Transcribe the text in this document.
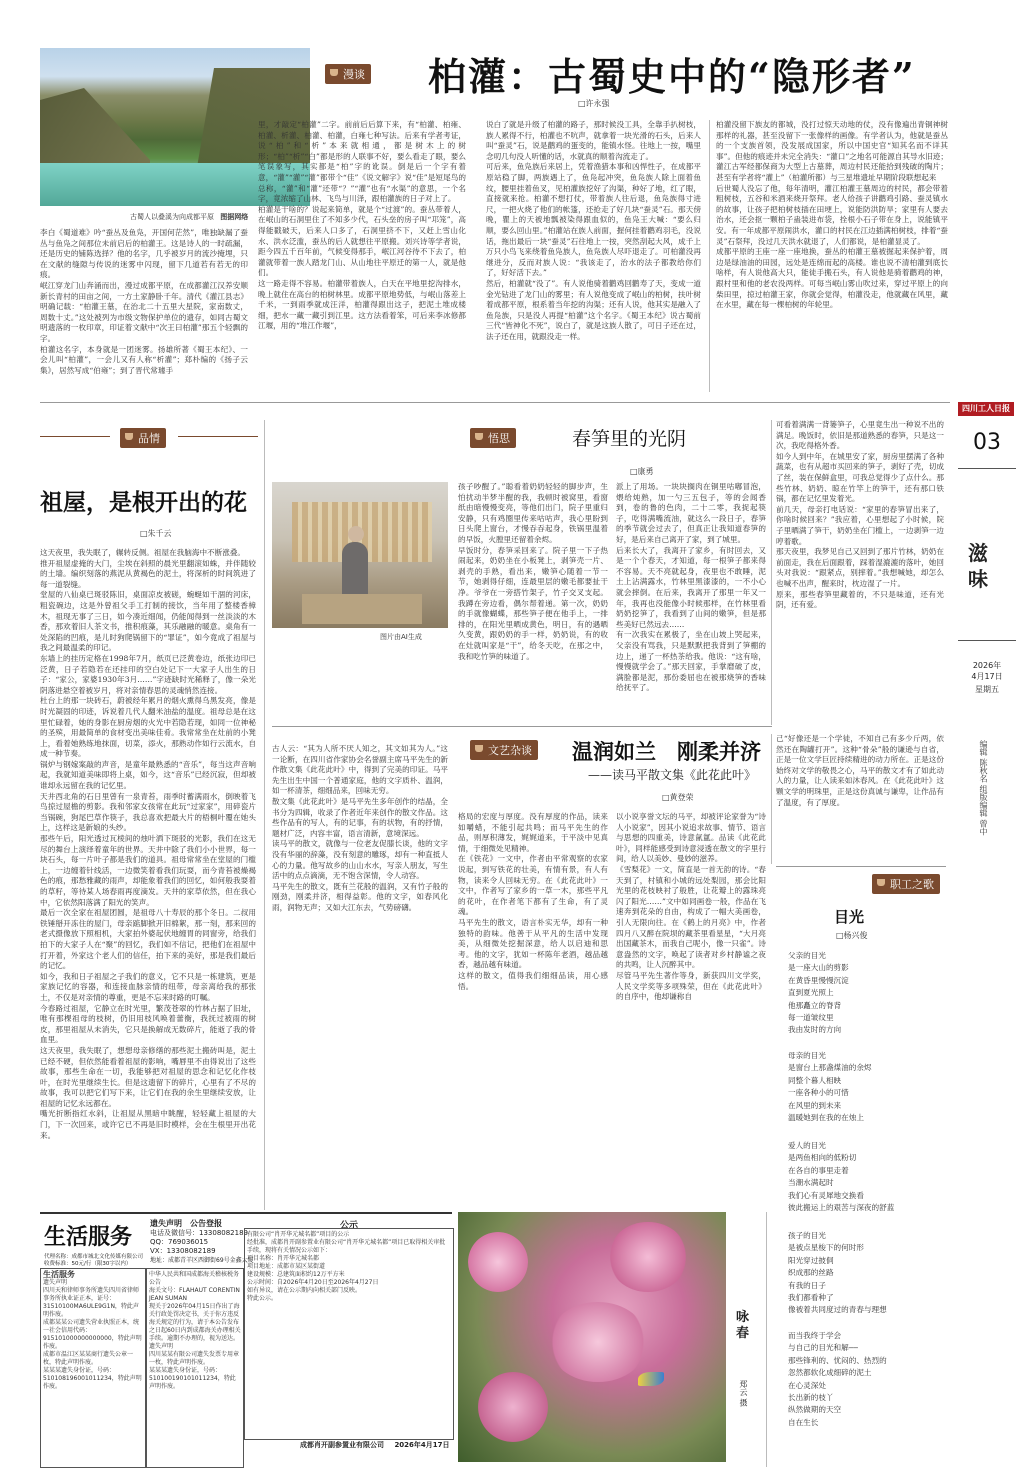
古蜀人以叠溪为向成都平原 图据网络
漫谈 柏灌：古蜀史中的“隐形者”
□许永强
李白《蜀道难》吟“蚕丛及鱼凫，开国何茫然”，唯独缺漏了蚕丛与鱼凫之间那位未前启后的柏灌王。这是诗人的一时疏漏，还是历史的铺陈选择？他的名字，几乎被岁月的流沙掩埋，只在文献的缝隙与传说的迷雾中闪现，留下几道若有若无的印痕。
岷江穿龙门山奔涌而出，漫过成都平原，在成都灌江汉养安顺新长青村的田亩之间，一方土家静卧千年。清代《灌江县志》明确记载：“柏灌王墓，在治北二十五里大星院，家南数丈，周数十丈。”这处被列为市级文物保护单位的遗存，如同古蜀文明遗落的一枚印章，印证着文献中“次王曰柏灌”那五个轻飘的字。
柏灌这名字，本身就是一团迷雾。扬雄所著《蜀王本纪》、一会儿叫“柏灌”，一会儿又有人称“析灌”；郑朴编的《扬子云集》，居然写成“伯雍”；到了晋代常璩手
里，才敲定“柏灌”二字。前前后后算下来，有“柏灌、柏雍、柏灌、析灌、柏灌、柏灌，白雍七种写法。后来有学者考证，说“柏”和“析”本来就相通，都是树木上的树形；“柏”“析”“白”都是形的人联事不好，要么看走了眼，要么笔误象写，其实都是“柏”字的讹误。倒是后一个字有着意，“灌”“灌”“灌”都带个“佳”《说文解字》说“佳”是短尾鸟的总称，“灌”和“灌”还带“？”“灌”也有“水渠”的意思，一个名字，竟浓缩了山林、飞鸟与川泽，跟柏灌族的日子对上了。
柏灌是干啥的？说起来简单，就是个“过渡”的。蚕丛带着人，在岷山的石洞里住了不知多少代，石头垒的房子叫“邛笼”，高得能戳破天，后来人口多了，石洞里挤不下，又赶上雪山化水、洪水泛滥，蚕丛的后人就想往平原搬。刘兴诗等学者说，距今四五千百年前，气候变得那手，岷江河谷待不下去了，柏灌就带着一族人踏龙门山、从山地往平原迁的第一人，就是他们。
这一路走得不容易。柏灌带着族人，白天在平地里挖沟排水，晚上就住在高台的柏树林里。成都平原地势低，与岷山落差上千米，一到雨季就成汪洋，柏灌得跟出这子，把泥土堆成楼细，把水一藏一藏引到江里。这方法看着笨，可后来李冰修都江堰，用的“堆江作堰”，
说白了就是升级了柏灌的路子，那时候没工具，全靠手扒树枝，族人累得不行，柏灌也不吭声，就拿着一块光滑的石头，后来人叫“蚕灵”石，说是鹳鸡的蛋变的，能镇水怪。往地上一按，嘴里念叨几句没人听懂的话，水就真的顺着沟流走了。
可后来，鱼凫族后来居上，凭着渔猎本事和凶悍性子，在成都平原站稳了脚，两族遇上了，鱼凫起冲突，鱼凫族人除上面着鱼纹，腰里挂着鱼叉，见柏灌族挖好了沟渠，种好了地，红了眼，直接就来抢。柏灌不想打仗，带着族人往后退，鱼凫族得寸进尺，一把火烧了他们的帐篷，还抢走了好几块“蚕灵”石。那天傍晚，瞿上的天被地瓢被染得跟血似的，鱼凫王大喊：“要么归顺，要么回山里。”柏灌站在族人前面，握何挂着鹳鸡羽毛，没说话，拖出最后一块“蚕灵”石往地上一按，突然刮起大风，成千上万只小鸟飞来绕着鱼凫族人，鱼凫族人尽吓退走了。可柏灌没再继进分，反而对族人说：“我该走了，治水的法子都教给你们了，好好活下去。”
然后，柏灌就“没了”。有人说他骑着鹳鸡回鹳寿了天，变成一道金光钻进了龙门山的雾里；有人说他变成了岷山的柏树，扶叶树着成都平原，根系着当年挖的沟渠；还有人说，他其实是融入了鱼凫族，只是没人再提“柏灌”这个名字。《蜀王本纪》说古蜀前三代“皆神化不死”，说白了，就是这族人散了，可日子还在过，法子还在用，就跟没走一样。
柏灌没留下族友的都城，没打过惊天动地的仗，没有像遍出青铜神树那样的礼器，甚至没留下一张像样的画像。有学者认为，他就是蚕丛的一个支族首领，没发展成国家，所以中国史官“知其名而不详其事”。但他的痕迹并未完全消失：“灌口”之地名可能源自其导水旧迹；灌江古军经都保商为大型上古墓葬，周边村民还能拾到残破的陶片；甚至有学者将“灌上”（柏灌所都）与三星堆遗址早期阶段联想起来
后世蜀人没忘了他，每年清明，灌江柏灌王墓周边的村民，都会带着粗树枝，五谷和米酒来烧开祭拜。老人给孩子讲鹳鸡引路、蚕灵镇水的故事，让孩子把柏树枝插在田埂上，说能防洪防旱；家里有人要去治水，还会抠一颗柏子蛊装进布袋，拴根小石子带在身上，说能镇平安。有一年成都平原闹洪水，灌口的村民在江边插满柏树枝，排着“蚕灵”石祭拜，没过几天洪水就退了，人们都说，是柏灌显灵了。
成都平原的王座一座一座地换，蚕丛的柏灌王墓被掘起来保护着，周边是绿油油的田园，远处是连绵而起的高楼。谁也说不清柏灌到底长啥样，有人说他高大只，能徒手搬石头，有人说他是骑着鹳鸡的神，跟村里和他的老农没两样。可每当岷山雾山吹过来，穿过平原上的向柴田里，掠过柏灌王家，你就会觉得，柏灌没走，他就藏在风里，藏在水里，藏在每一棵柏树的年轮里。
四川工人日报
03
滋味
2026年
4月17日
星期五
编辑 陈秋名 组版编辑 曾中
品情
祖屋，是根开出的花
□朱千云
这天夜里，我失眠了，辗转反侧。祖屋在我脑海中不断涨叠。
推开祖屋虚掩的大门，尘埃在斜照的晨光里翻滚如蛛，并伴随较的土墙。编织刻落的燕泥从黄褐色的泥土，将深析的时间筑进了每一道裂缝。
堂屋的八仙桌已斑驳陈旧，桌面凉皮被磋，蜿蜒如干涸的河床，粗瓷碗边，这是外曾祖父手工打制的接饮，当年用了整楼香樟木，祖现无事了三日，如今凑近细闻，仍能闻得到一丝淡淡的木香，那欢着旧人茶文书，推积痕藻，其乐融融的暖意。桌角有一处深陷的凹痕，是儿时狗爬锅留下的“罪证”，如今竟成了祖屋与我之间最温柔的印记。
东墙上的挂历定格在1998年7月，纸页已泛黄卷边，纸张边印已泛黄，日子若隐若在还挂印的空白处记下一大家子人出生的日子：“家公，家婆1930年3月……”字迹缺时光稀释了，像一朵光阴落进悬空着被岁月，将对亲情春思的灵魂悄然连接。
杜台上的那一块砖石，蔚被经年累月的烟火熏得乌黑发亮，像是时光凝固的印迹，诉说着几代人翻米油盐的温度。祖母总是在这里忙碌着，她的身影在厨房烟的火光中若隐若现，如同一位神秘的圣殡，用最简单的食材变出美味佳肴。我常常坐在灶前的小凳上，看着她熟练地抹面，切菜，添火，那熟动作如行云流水，自成一种节奏。
锅炉与钢嫁案敲的声音，是童年最熟悉的“音乐”，每当这声音响起，我就知道美味即将上桌，如今，这“音乐”已经沉寂，但却被谁却永远留在我的记忆里。
天井西北角的石日里曾有一泉青苔，雨季时蓄满雨水，倒映着飞鸟掠过屋檐的剪影。我和邻家女孩常在此玩“过家家”，用碎瓷片当锅碗，狗尾巴草作筷子，我总喜欢把最大片的梧桐叶覆在她头上，这样这是新娘的头纱。
那些午后，阳光透过瓦棱间的烛叶洒下斑驳的光影，我们在这无尽的舞台上演绎着童年的世界。天井中除了我们小小世界，每一块石头，每一片叶子都是我们的道具。祖母常常坐在堂屋的门槛上，一边缠着针线活，一边微笑着看我们玩耍，而今青苔被燥褐色的痕，那愁雅藏的雨声，却能象着我们的回忆，如何般我耍着的草籽，等待某人场春雨再度滴发。天井的家草依然，但在我心中，它依然阳落满了阳光的笑声。
最后一次全家在祖屋团圆，是祖母八十寿辰的那个冬日。二叔用铁锤掰开冻住的屋门，母亲踮脚掀开旧棉絮，那一刻，那来回的老式摄像放下照相机，大家拍外婆起伏地缠胃的同窗旁，给我们拍下的大家子人在“聚”的回忆，我们如不信记，把他们在祖屋中打开着，外家这个老人们的信任，拍下来的美好，那是我们最后的记忆。
如今，我和日子祖屋之子我们的意义，它不只是一栋建筑，更是家族记忆的容器，和连接血脉亲情的纽带，母亲离给我的那张土，不仅是对亲情的尊重，更是不忘来时路的叮嘱。
今春路过祖屋，它静立在时光里，繁茂苍翠的竹林占据了旧址，唯有那棵祖母的枝树，仍旧用枝风唤着蕾衡，我抚过被雨的树皮，那里祖屋从未消失，它只是换解成无数碎片，能逝了我的骨血里。
这天夜里，我失眠了，想想母亲修缮的那些泥土搬砖叫是，泥土已经不硬，但依然能看着祖屋的影响，嘴唇里不由得说出了这些故事，那些生命在一切，我能够把对祖屋的思念和记忆化作枝叶，在时光里继续生长。但是这遗留下的碎片，心里有了不尽的故事，我可以把它们写下来，让它们在我的余生里继续安放，让祖屋的记忆永远都在。
嘴光折断指红水斜，让祖屋从黑暗中眺醒，轻轻藏上祖屋的大门，下一次回来，或许它已不再是旧时模样，会在生根里开出花来。
悟思	春笋里的光阴
□康勇
图片由AI生成
孩子吵醒了。”聪看着奶奶轻轻的脚步声，生怕扰动半梦半醒的我，我顿时被窝里，看窗纸由暗慢慢变亮，等他们出门，院子里重归安静，只有鸡圈里传来咕咕声，我心里盼到日头爬上窗台，才慢吞吞起身，铁锅里温着的早饭，火膛里还留着余烬。
早饭时分，春笋采回来了。院子里一下子热闹起来，奶奶坐在小板凳上，剥笋壳一片、剥壳的手熟，看出来，嫩笋心随着一节一节，她剥得仔细，连最里层的嫩毛都要扯干净。爷爷在一旁搭竹架子，竹子交叉支起。我蹲在旁边看，偶尔帮着递。第一次，奶奶的手就像蝴蝶，那些笋子便在他手上，一排排的，在阳光里晒成黄色，明日，有的遇晒久变黄，跟奶奶的手一样，奶奶说，有的收在灶就叫家是“干”，给冬天吃，在那之中，我和吃竹笋的味道了。
派上了用场。一块块搁肉在铜里咕嘟冒泡，煨给炖熟，加一勺三五包子，等的会闻香到，卷的鲁的色肉，二十二零，我捉起筷子，吃得满嘴流油，就这么一段日子，春笋的季节就会过去了，但真正让我知道春笋的好，是后来自己离开了家，到了城里。
后来长大了，我离开了家乡，有时回去，又是一个个春天，才知道，每一根笋子都来得不容易。天不亮就起身，夜里也不敢睡，泥土上沾满露水，竹林里黑漆漆的，一不小心就会摔倒。在后来，我离开了那里一年又一年，我再也没能像小时候那样，在竹林里看奶奶挖笋了，我看到了山间的嫩笋，但是那些美好已然远去……
有一次我实在累极了，坐在山坡上哭起来，父亲没有骂我，只是默默把我背到了笋棚的边上，递了一杯热茶给我。他说：“这有啥，慢慢就学会了。”那天回家，手掌磨破了皮，满脸都是泥，那份委屈也在被那烧笋的香味给抚平了。
可看着满满一背篓笋子，心里竟生出一种说不出的满足。晚饭时，依旧是那道熟悉的春笋，只是这一次，我吃得格外香。
如今人到中年，在城里安了家，厨房里摆满了各种蔬菜，也有从超市买回来的笋子，剥好了壳，切成了丝，装在保鲜盒里，可我总觉得少了点什么。那些竹林、奶奶、晾在竹竿上的笋干，还有那口铁锅，都在记忆里发着光。
前几天，母亲打电话说：“家里的春笋冒出来了，你啥时候回来？”我应着，心里想起了小时候，院子里晒满了笋干，奶奶坐在门槛上，一边剥笋一边哼着歌。
那天夜里，我梦见自己又回到了那片竹林，奶奶在前面走，我在后面跟着，踩着湿漉漉的落叶，她回头对我说：“跟紧点，别摔着。”我想喊她，却怎么也喊不出声，醒来时，枕边湿了一片。
原来，那些春笋里藏着的，不只是味道，还有光阴，还有爱。
文艺杂谈 温润如兰　刚柔并济
——读马平散文集《此花此叶》
□黄登荣
古人云：“其为人所不厌人知之，其文如其为人。”这一论断，在四川省作家协会名誉副主席马平先生的新作散文集《此花此叶》中，得到了完美的印证。马平先生出生中国一个普通家庭，他的文字质朴、温润，如一杯清茶，细细品来，回味无穷。
散文集《此花此叶》是马平先生多年创作的结晶，全书分为四辑，收录了作者近年来创作的散文作品。这些作品有的写人，有的记事，有的状物，有的抒情，题材广泛，内容丰富，语言清新，意境深远。
读马平的散文，就像与一位老友促膝长谈，他的文字没有华丽的辞藻，没有刻意的雕琢，却有一种直抵人心的力量。他写故乡的山山水水，写亲人朋友，写生活中的点点滴滴，无不饱含深情，令人动容。
马平先生的散文，既有兰花般的温润，又有竹子般的刚劲，刚柔并济，相得益彰。他的文字，如春风化雨，润物无声；又如大江东去，气势磅礴。
格局的宏度与厚度。没有厚度的作品，读来如嚼蜡，不能引起共鸣；而马平先生的作品，则厚积薄发，娓娓道来，于平淡中见真情，于细微处见精神。
在《铁花》一文中，作者由平常观察的农家说起，到写铁花的壮美，有情有景，有人有物，读来令人回味无穷。在《此花此叶》一文中，作者写了家乡的一草一木，那些平凡的花叶，在作者笔下都有了生命，有了灵魂。
马平先生的散文，语言朴实无华，却有一种独特的韵味。他善于从平凡的生活中发现美，从细微处挖掘深意，给人以启迪和思考。他的文字，犹如一杯陈年老酒，越品越香，越品越有味道。
这样的散文，值得我们细细品读，用心感悟。
以小说享誉文坛的马平，却被评论家誉为“诗人小说家”，因其小说追求故事、情节、语言与思想的四重美，诗意氤氲。品读《此花此叶》，同样能感受到诗意浸透在散文的字里行间，给人以美妙、曼妙的滋养。
《雪梨花》一文，简直是一首无韵的诗。“春天到了，村镇和小城的远处梨园，那会比阳光里的花枝映衬了般胜，让花瓣上的露珠亮闪了阳光……”文中如同画卷一般，作品在飞速奔到花朵的自由，构成了一幅大美画卷，引人无限向往。在《鹤上的月亮》中，作者四月八又醉在院坝的藏茶里看星星，“大月亮出国藏茶木，而我自己呢小，像一只雀”。诗意盎然的文字，唤起了读者对乡村静谧之夜的共鸣，让人沉醉其中。
尽管马平先生著作等身，新获四川文学奖，人民文学奖等多项殊荣，但在《此花此叶》的自序中，他却谦称自
己“好像还是一个学徒，不知自己有多少斤两，依然还在陶罐打开”。这种“骨朵”般的谦逊与自省，正是一位文学巨匠持续精进的动力所在。正是这份始终对文学的敬畏之心，马平的散文才有了如此动人的力量，让人读来如沐春风。在《此花此叶》这颗文学的明珠里，正是这份真诚与谦卑，让作品有了温度，有了厚度。
职工之歌
目光
□杨兴俊
父亲的目光
是一座大山的剪影
在黄昏里慢慢沉淀
直到夏光照上
他那矗立的脊背
每一道皱纹里
我由发时的方向
母亲的目光
是窗台上那盏煤油的余烬
同整个暮人相映
一座各种小的可惜
在风里的到未来
温暖她到在我的在烛上
爱人的目光
是两鱼相向的低粉切
在各自的事里走着
当潮水满起时
我们心有灵犀地交换看
彼此搬运上的艰苦与深夜的舒蓝
孩子的目光
是被点星梭下的何时形
阳光穿过披侗
织成那的丝路
有我的日子
我们都看种了
像被着共同度过的青春与理想
而当我终于学会
与自己的目光和解——
那些锋利的、忧闷的、热烈的
忽然都软化成细碎的泥土
在心灵深处
长出新的枝丫
纵然做期的天空
自在生长
咏春
郑云 摄
生活服务
遗失声明　公告登报
电话及微信号：13308082189
QQ：769036015
VX：13308082189
地址：成都青羊区西御街69号金鑫大厦
代理名称：成都市城北文化传媒有限公司
收费标准：50元/行（限30字以内）
公示
生活服务
遗失声明
四川天和律师事务所遗失四川省律师事务所执业证正本，证号：31510100MA6ULE9G1N，特此声明作废。
成都某某公司遗失营业执照正本，统一社会信用代码：915101000000000000，特此声明作废。
成都市温江区某某商行遗失公章一枚，特此声明作废。
某某某遗失身份证，号码：510108196001011234，特此声明作废。
中华人民共和国成都海关稽核税务
公告
海关文号：FLAHAUT CORENTIN JEAN SUMAN
现关于2026年04月15日作出了海关行政处罚决定书，关于你方违反海关规定的行为，请于本公告发布之日起60日内到成都海关办理相关手续。逾期不办理的，视为送达。
遗失声明
四川某某有限公司遗失发票专用章一枚，特此声明作废。
某某某遗失身份证，号码：510100190101011234，特此声明作废。
有限公司“肖开华元城名都”项目的公示
经批准，成都肖开副参置业有限公司“肖开华元城名都”项目已取得相关审批手续，现将有关情况公示如下：
项目名称：肖开华元城名都
项目地址：成都市某区某街道
建设规模：总建筑面积约12万平方米
公示时间：自2026年4月20日至2026年4月27日
如有异议，请在公示期内向相关部门反映。
特此公示。
成都肖开副参置业有限公司 2026年4月17日
